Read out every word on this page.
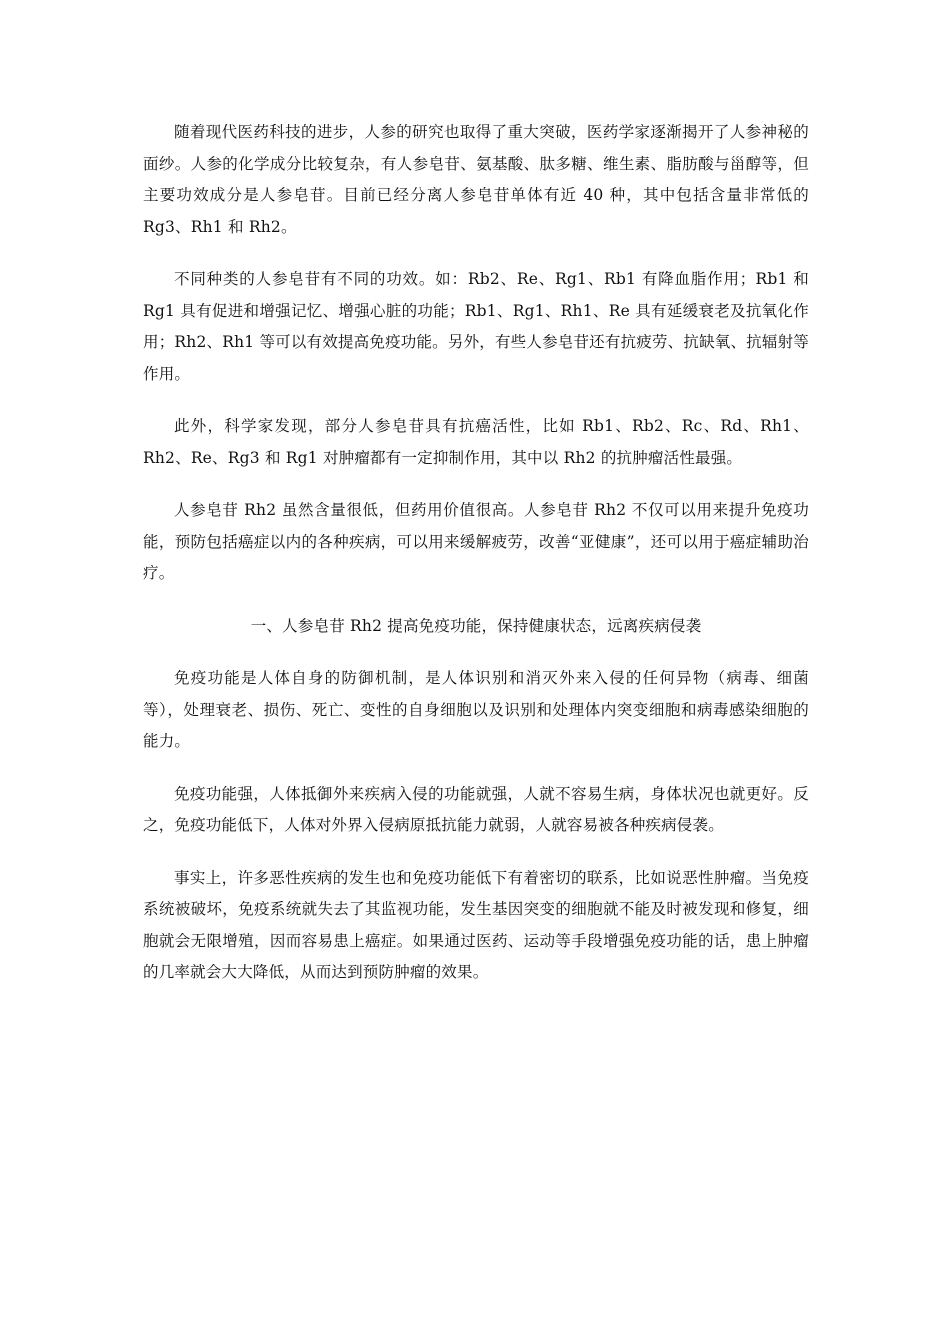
随着现代医药科技的进步，人参的研究也取得了重大突破，医药学家逐渐揭开了人参神秘的面纱。人参的化学成分比较复杂，有人参皂苷、氨基酸、肽多糖、维生素、脂肪酸与甾醇等，但主要功效成分是人参皂苷。目前已经分离人参皂苷单体有近 40 种，其中包括含量非常低的 Rg3、Rh1 和 Rh2。

不同种类的人参皂苷有不同的功效。如：Rb2、Re、Rg1、Rb1 有降血脂作用；Rb1 和 Rg1 具有促进和增强记忆、增强心脏的功能；Rb1、Rg1、Rh1、Re 具有延缓衰老及抗氧化作用；Rh2、Rh1 等可以有效提高免疫功能。另外，有些人参皂苷还有抗疲劳、抗缺氧、抗辐射等作用。

此外，科学家发现，部分人参皂苷具有抗癌活性，比如 Rb1、Rb2、Rc、Rd、Rh1、 Rh2、Re、Rg3 和 Rg1 对肿瘤都有一定抑制作用，其中以 Rh2 的抗肿瘤活性最强。

人参皂苷 Rh2 虽然含量很低，但药用价值很高。人参皂苷 Rh2 不仅可以用来提升免疫功能，预防包括癌症以内的各种疾病，可以用来缓解疲劳，改善“亚健康”，还可以用于癌症辅助治疗。

一、人参皂苷 Rh2 提高免疫功能，保持健康状态，远离疾病侵袭

免疫功能是人体自身的防御机制，是人体识别和消灭外来入侵的任何异物（病毒、细菌等），处理衰老、损伤、死亡、变性的自身细胞以及识别和处理体内突变细胞和病毒感染细胞的能力。

免疫功能强，人体抵御外来疾病入侵的功能就强，人就不容易生病，身体状况也就更好。反之，免疫功能低下，人体对外界入侵病原抵抗能力就弱，人就容易被各种疾病侵袭。

事实上，许多恶性疾病的发生也和免疫功能低下有着密切的联系，比如说恶性肿瘤。当免疫系统被破坏，免疫系统就失去了其监视功能，发生基因突变的细胞就不能及时被发现和修复，细胞就会无限增殖，因而容易患上癌症。如果通过医药、运动等手段增强免疫功能的话，患上肿瘤的几率就会大大降低，从而达到预防肿瘤的效果。
